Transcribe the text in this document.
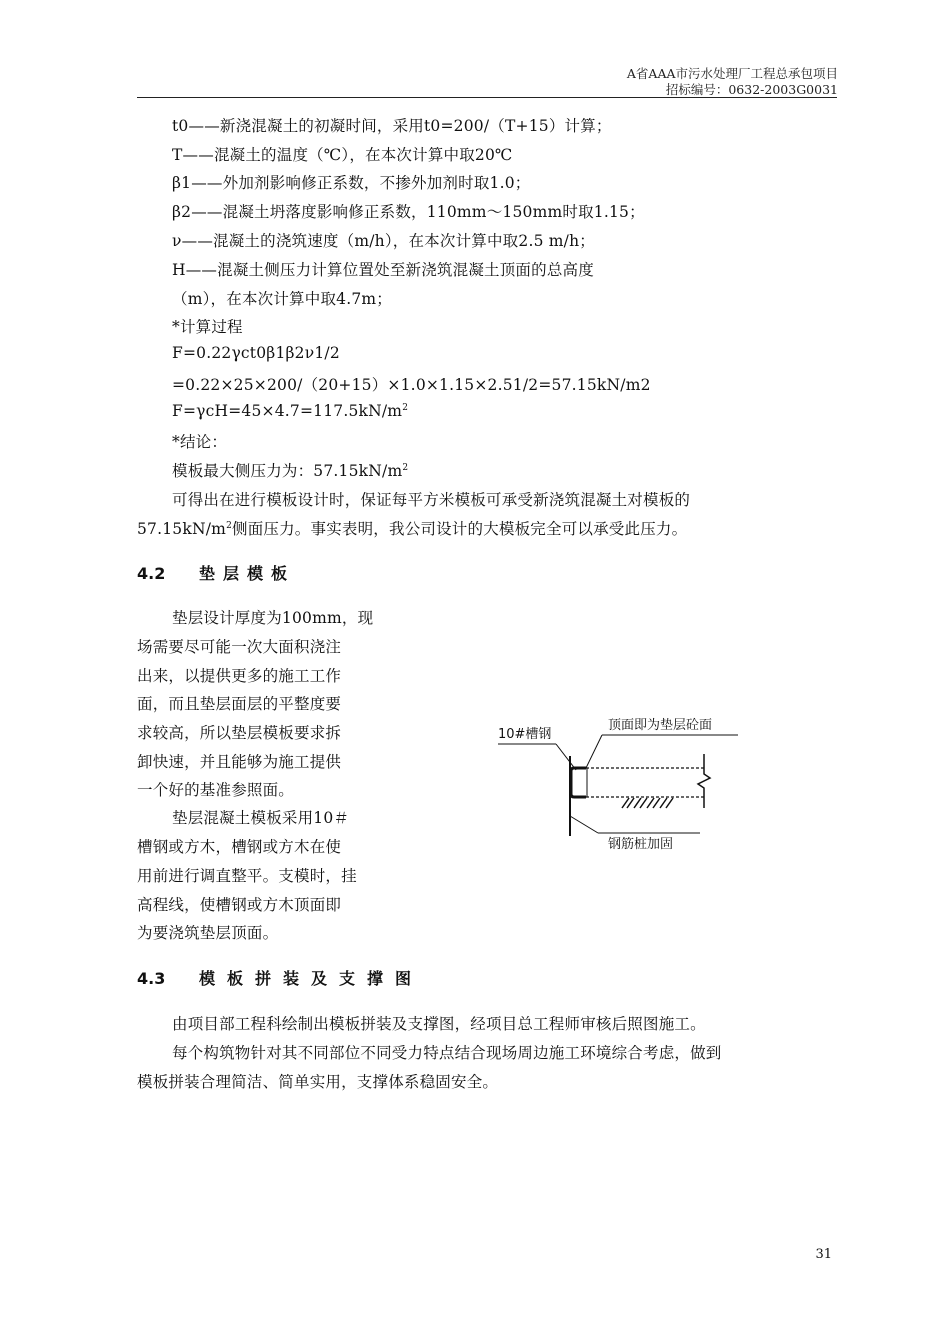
A省AAA市污水处理厂工程总承包项目
招标编号：0632-2003G0031
t0——新浇混凝土的初凝时间，采用t0=200/（T+15）计算；
T——混凝土的温度（℃），在本次计算中取20℃
β1——外加剂影响修正系数，不掺外加剂时取1.0；
β2——混凝土坍落度影响修正系数，110mm～150mm时取1.15；
ν——混凝土的浇筑速度（m/h），在本次计算中取2.5 m/h；
H——混凝土侧压力计算位置处至新浇筑混凝土顶面的总高度
（m），在本次计算中取4.7m；
*计算过程
F=0.22γct0β1β2ν1/2
=0.22×25×200/（20+15）×1.0×1.15×2.51/2=57.15kN/m2
$F=\gamma cH=45\times 4.7=117.5kN/m^2$
*结论：
模板最大侧压力为：$57.15kN/m^2$
可得出在进行模板设计时，保证每平方米模板可承受新浇筑混凝土对模板的
$57.15kN/m^2$侧面压力。事实表明，我公司设计的大模板完全可以承受此压力。
4.2 垫层模板
垫层设计厚度为100mm，现
场需要尽可能一次大面积浇注
出来，以提供更多的施工工作
面，而且垫层面层的平整度要
求较高，所以垫层模板要求拆
卸快速，并且能够为施工提供
一个好的基准参照面。
垫层混凝土模板采用10＃
槽钢或方木，槽钢或方木在使
用前进行调直整平。支模时，挂
高程线，使槽钢或方木顶面即
为要浇筑垫层顶面。
10#槽钢
顶面即为垫层砼面
钢筋桩加固
4.3 模板拼装及支撑图
由项目部工程科绘制出模板拼装及支撑图，经项目总工程师审核后照图施工。
每个构筑物针对其不同部位不同受力特点结合现场周边施工环境综合考虑，做到
模板拼装合理简洁、简单实用，支撑体系稳固安全。
31
